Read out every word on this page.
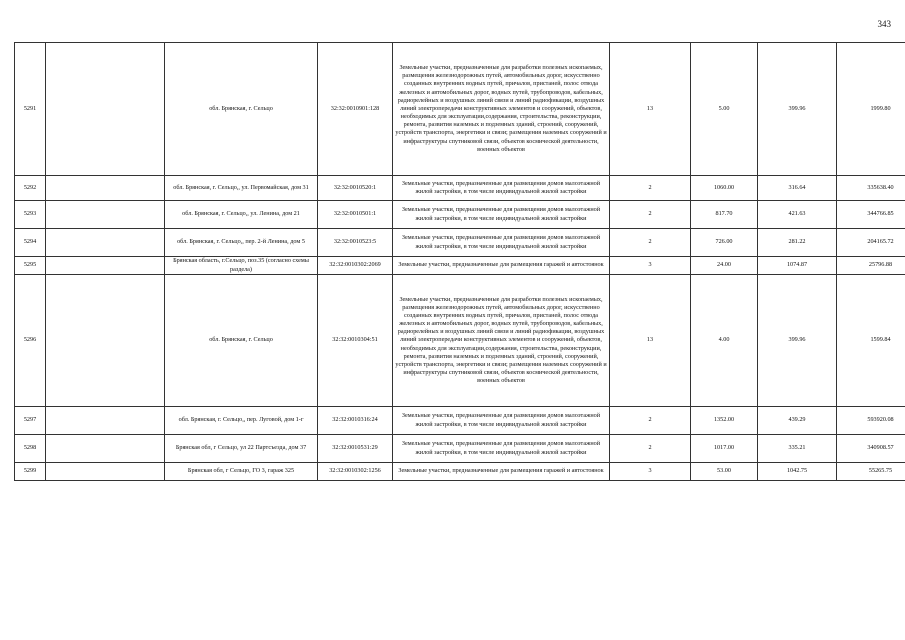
343
5291		обл. Брянская, г. Сельцо	32:32:0010901:128	Земельные участки, предназначенные для разработки полезных ископаемых, размещения железнодорожных путей, автомобильных дорог, искусственно созданных внутренних водных путей, причалов, пристаней, полос отвода железных и автомобильных дорог, водных путей, трубопроводов, кабельных, радиорелейных и воздушных линий связи и линий радиофикации, воздушных линий электропередачи конструктивных элементов и сооружений, объектов, необходимых для эксплуатации,содержания, строительства, реконструкции, ремонта, развития наземных и подземных зданий, строений, сооружений, устройств транспорта, энергетики и связи; размещения наземных сооружений и инфраструктуры спутниковой связи, объектов космической деятельности, военных объектов	13	5.00	399.96	1999.80
5292		обл. Брянская, г. Сельцо,, ул. Первомайская, дом 31	32:32:0010520:1	Земельные участки, предназначенные для размещения домов малоэтажной жилой застройки, в том числе индивидуальной жилой застройки	2	1060.00	316.64	335638.40
5293		обл. Брянская, г. Сельцо,, ул. Ленина, дом 21	32:32:0010501:1	Земельные участки, предназначенные для размещения домов малоэтажной жилой застройки, в том числе индивидуальной жилой застройки	2	817.70	421.63	344766.85
5294		обл. Брянская, г. Сельцо,, пер. 2-й Ленина, дом 5	32:32:0010523:5	Земельные участки, предназначенные для размещения домов малоэтажной жилой застройки, в том числе индивидуальной жилой застройки	2	726.00	281.22	204165.72
5295		Брянская область, г.Сельцо, поз.35 (согласно схемы раздела)	32:32:0010302:2069	Земельные участки, предназначенные для размещения гаражей и автостоянок	3	24.00	1074.87	25796.88
5296		обл. Брянская, г. Сельцо	32:32:0010304:51	Земельные участки, предназначенные для разработки полезных ископаемых, размещения железнодорожных путей, автомобильных дорог, искусственно созданных внутренних водных путей, причалов, пристаней, полос отвода железных и автомобильных дорог, водных путей, трубопроводов, кабельных, радиорелейных и воздушных линий связи и линий радиофикации, воздушных линий электропередачи конструктивных элементов и сооружений, объектов, необходимых для эксплуатации,содержания, строительства, реконструкции, ремонта, развития наземных и подземных зданий, строений, сооружений, устройств транспорта, энергетики и связи; размещения наземных сооружений и инфраструктуры спутниковой связи, объектов космической деятельности, военных объектов	13	4.00	399.96	1599.84
5297		обл. Брянская, г. Сельцо,, пер. Луговой, дом 1-г	32:32:0010316:24	Земельные участки, предназначенные для размещения домов малоэтажной жилой застройки, в том числе индивидуальной жилой застройки	2	1352.00	439.29	593920.08
5298		Брянская обл, г Сельцо, ул 22 Партсъезда, дом 37	32:32:0010531:29	Земельные участки, предназначенные для размещения домов малоэтажной жилой застройки, в том числе индивидуальной жилой застройки	2	1017.00	335.21	340908.57
5299		Брянская обл, г Сельцо, ГО 3, гараж 325	32:32:0010302:1256	Земельные участки, предназначенные для размещения гаражей и автостоянок	3	53.00	1042.75	55265.75
